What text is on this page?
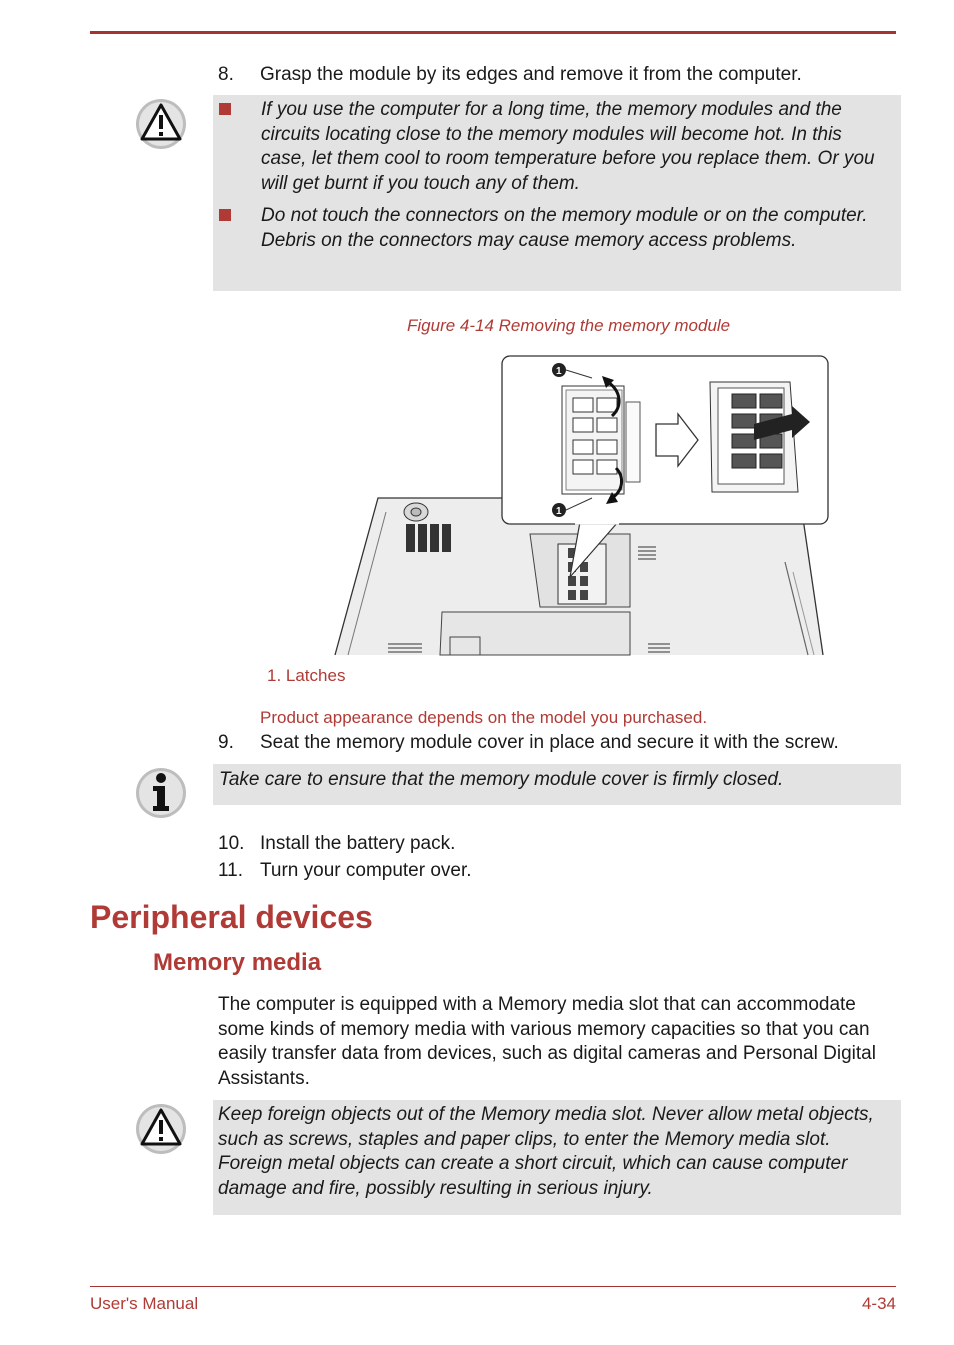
8. Grasp the module by its edges and remove it from the computer.
If you use the computer for a long time, the memory modules and the circuits locating close to the memory modules will become hot. In this case, let them cool to room temperature before you replace them. Or you will get burnt if you touch any of them.
Do not touch the connectors on the memory module or on the computer. Debris on the connectors may cause memory access problems.
Figure 4-14 Removing the memory module
1
1
1. Latches
Product appearance depends on the model you purchased.
9. Seat the memory module cover in place and secure it with the screw.
Take care to ensure that the memory module cover is firmly closed.
10. Install the battery pack.
11. Turn your computer over.
Peripheral devices
Memory media
The computer is equipped with a Memory media slot that can accommodate some kinds of memory media with various memory capacities so that you can easily transfer data from devices, such as digital cameras and Personal Digital Assistants.
Keep foreign objects out of the Memory media slot. Never allow metal objects, such as screws, staples and paper clips, to enter the Memory media slot. Foreign metal objects can create a short circuit, which can cause computer damage and fire, possibly resulting in serious injury.
User's Manual	4-34
